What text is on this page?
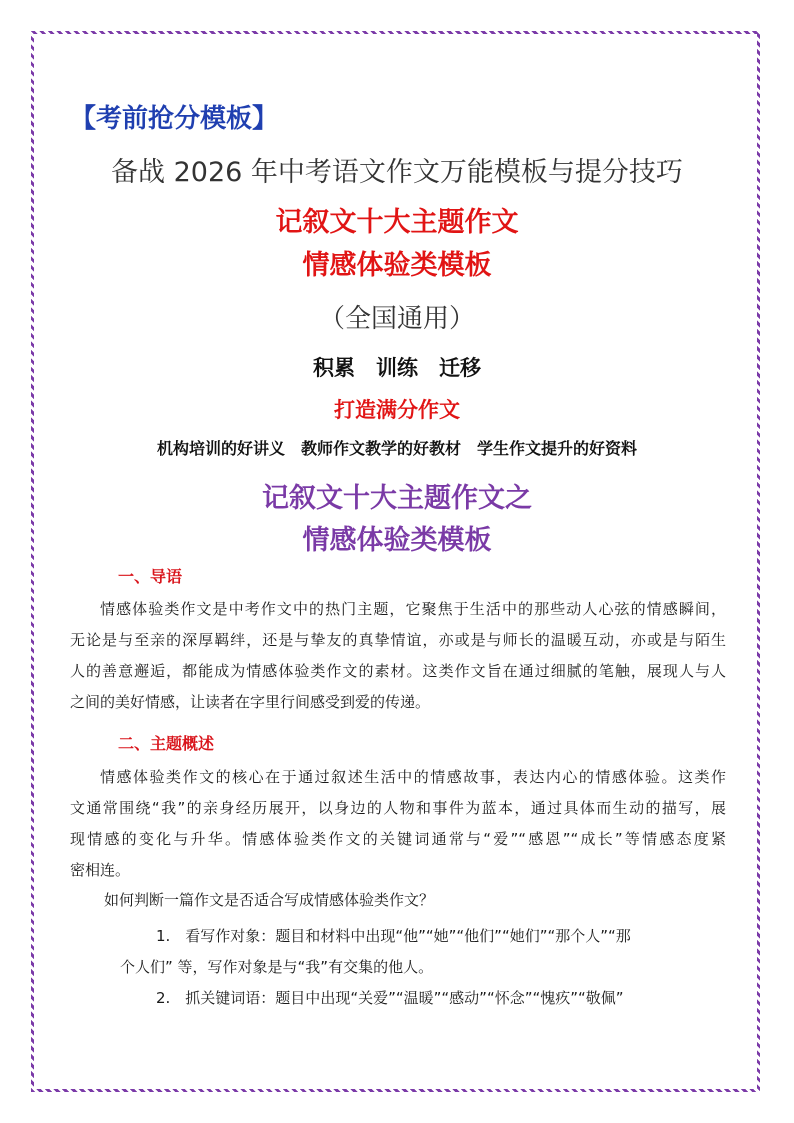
【考前抢分模板】
备战 2026 年中考语文作文万能模板与提分技巧
记叙文十大主题作文
情感体验类模板
（全国通用）
积累　训练　迁移
打造满分作文
机构培训的好讲义　教师作文教学的好教材　学生作文提升的好资料
记叙文十大主题作文之
情感体验类模板
一、导语
情感体验类作文是中考作文中的热门主题，它聚焦于生活中的那些动人心弦的情感瞬间，
无论是与至亲的深厚羁绊，还是与挚友的真挚情谊，亦或是与师长的温暖互动，亦或是与陌生
人的善意邂逅，都能成为情感体验类作文的素材。这类作文旨在通过细腻的笔触，展现人与人
之间的美好情感，让读者在字里行间感受到爱的传递。
二、主题概述
情感体验类作文的核心在于通过叙述生活中的情感故事，表达内心的情感体验。这类作
文通常围绕“我”的亲身经历展开，以身边的人物和事件为蓝本，通过具体而生动的描写，展
现情感的变化与升华。情感体验类作文的关键词通常与“爱”“感恩”“成长”等情感态度紧
密相连。
如何判断一篇作文是否适合写成情感体验类作文？
1.　看写作对象：题目和材料中出现“他”“她”“他们”“她们”“那个人”“那
个人们” 等，写作对象是与“我”有交集的他人。
2.　抓关键词语：题目中出现“关爱”“温暖”“感动”“怀念”“愧疚”“敬佩”
